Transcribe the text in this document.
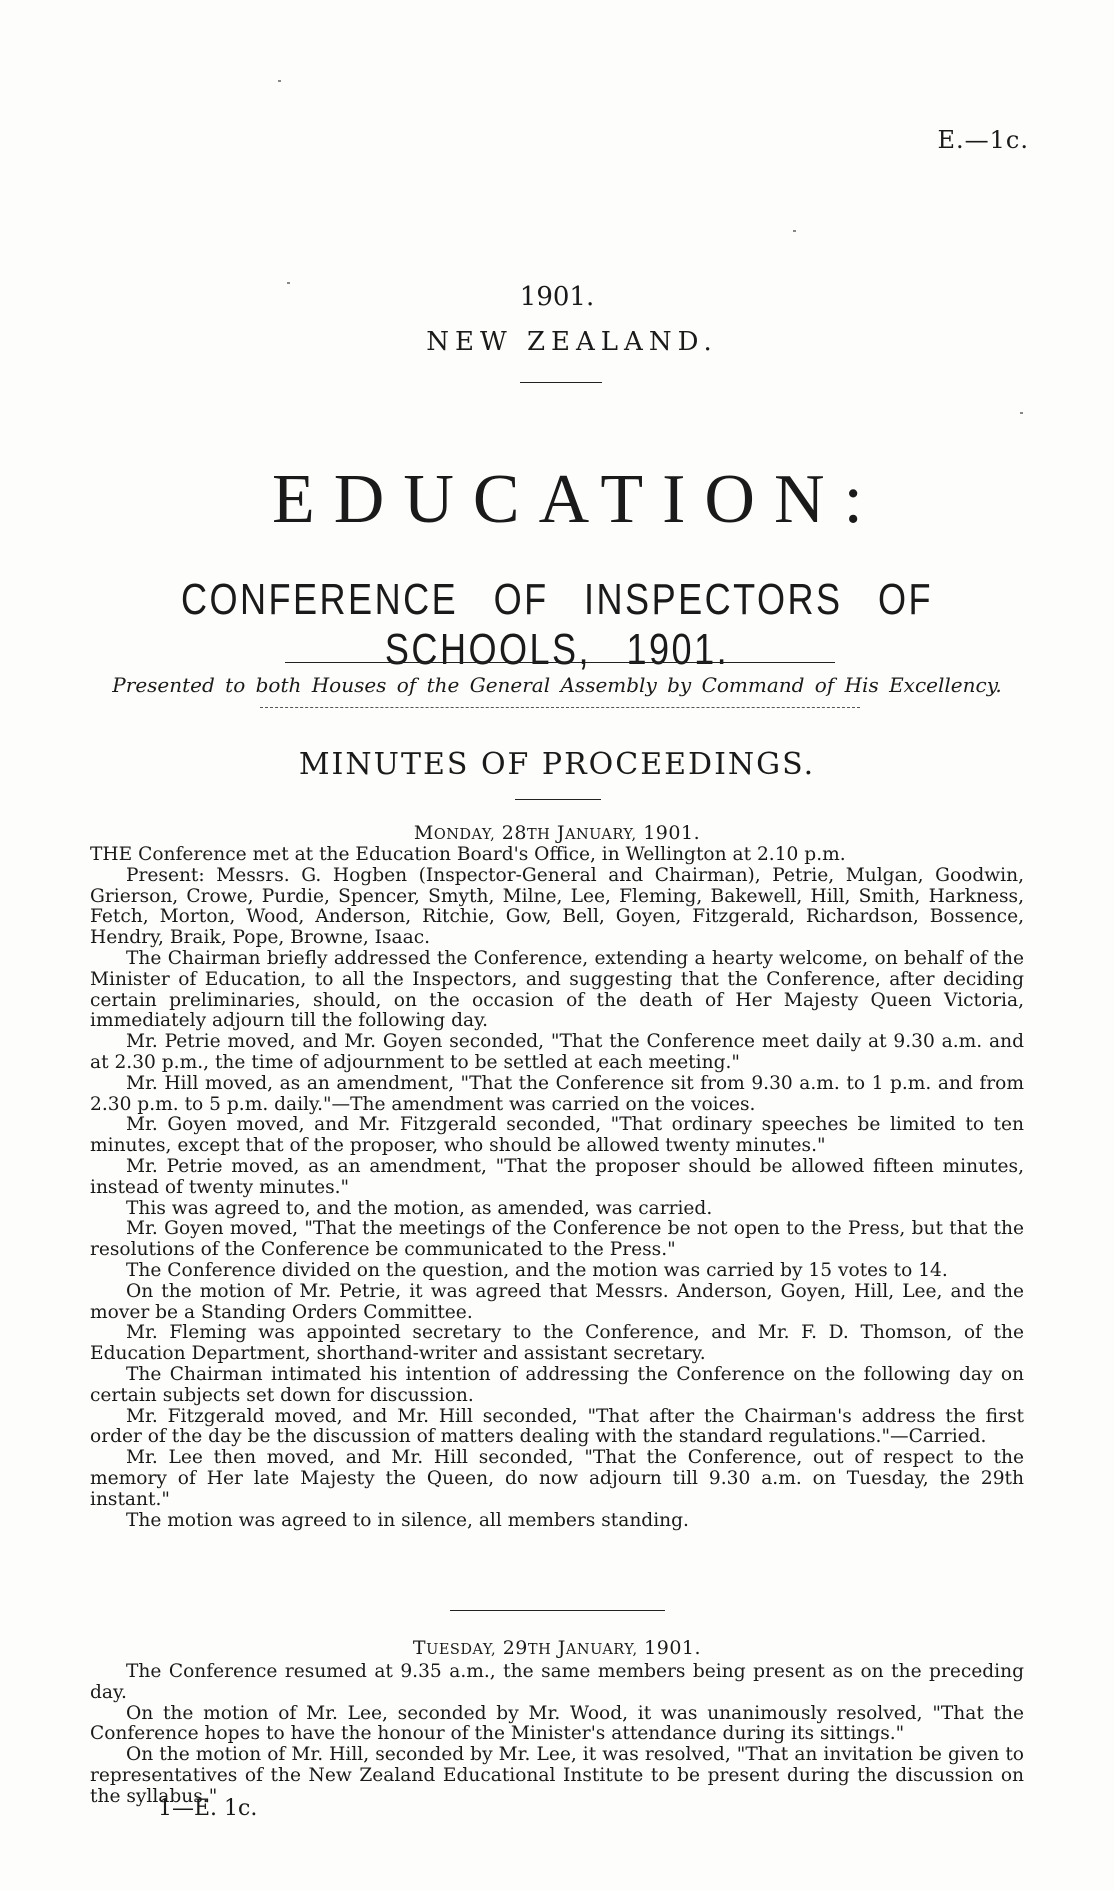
E.—1c.
1901.
NEW ZEALAND.
EDUCATION:
CONFERENCE OF INSPECTORS OF SCHOOLS, 1901.
Presented to both Houses of the General Assembly by Command of His Excellency.
MINUTES OF PROCEEDINGS.
MONDAY, 28TH JANUARY, 1901.

THE Conference met at the Education Board's Office, in Wellington at 2.10 p.m.

Present: Messrs. G. Hogben (Inspector-General and Chairman), Petrie, Mulgan, Goodwin, Grierson, Crowe, Purdie, Spencer, Smyth, Milne, Lee, Fleming, Bakewell, Hill, Smith, Harkness, Fetch, Morton, Wood, Anderson, Ritchie, Gow, Bell, Goyen, Fitzgerald, Richardson, Bossence, Hendry, Braik, Pope, Browne, Isaac.

The Chairman briefly addressed the Conference, extending a hearty welcome, on behalf of the Minister of Education, to all the Inspectors, and suggesting that the Conference, after deciding certain preliminaries, should, on the occasion of the death of Her Majesty Queen Victoria, immediately adjourn till the following day.

Mr. Petrie moved, and Mr. Goyen seconded, "That the Conference meet daily at 9.30 a.m. and at 2.30 p.m., the time of adjournment to be settled at each meeting."

Mr. Hill moved, as an amendment, "That the Conference sit from 9.30 a.m. to 1 p.m. and from 2.30 p.m. to 5 p.m. daily."—The amendment was carried on the voices.

Mr. Goyen moved, and Mr. Fitzgerald seconded, "That ordinary speeches be limited to ten minutes, except that of the proposer, who should be allowed twenty minutes."

Mr. Petrie moved, as an amendment, "That the proposer should be allowed fifteen minutes, instead of twenty minutes."

This was agreed to, and the motion, as amended, was carried.

Mr. Goyen moved, "That the meetings of the Conference be not open to the Press, but that the resolutions of the Conference be communicated to the Press."

The Conference divided on the question, and the motion was carried by 15 votes to 14.

On the motion of Mr. Petrie, it was agreed that Messrs. Anderson, Goyen, Hill, Lee, and the mover be a Standing Orders Committee.

Mr. Fleming was appointed secretary to the Conference, and Mr. F. D. Thomson, of the Education Department, shorthand-writer and assistant secretary.

The Chairman intimated his intention of addressing the Conference on the following day on certain subjects set down for discussion.

Mr. Fitzgerald moved, and Mr. Hill seconded, "That after the Chairman's address the first order of the day be the discussion of matters dealing with the standard regulations."—Carried.

Mr. Lee then moved, and Mr. Hill seconded, "That the Conference, out of respect to the memory of Her late Majesty the Queen, do now adjourn till 9.30 a.m. on Tuesday, the 29th instant."

The motion was agreed to in silence, all members standing.

TUESDAY, 29TH JANUARY, 1901.

The Conference resumed at 9.35 a.m., the same members being present as on the preceding day.

On the motion of Mr. Lee, seconded by Mr. Wood, it was unanimously resolved, "That the Conference hopes to have the honour of the Minister's attendance during its sittings."

On the motion of Mr. Hill, seconded by Mr. Lee, it was resolved, "That an invitation be given to representatives of the New Zealand Educational Institute to be present during the discussion on the syllabus."

1—E. 1c.
